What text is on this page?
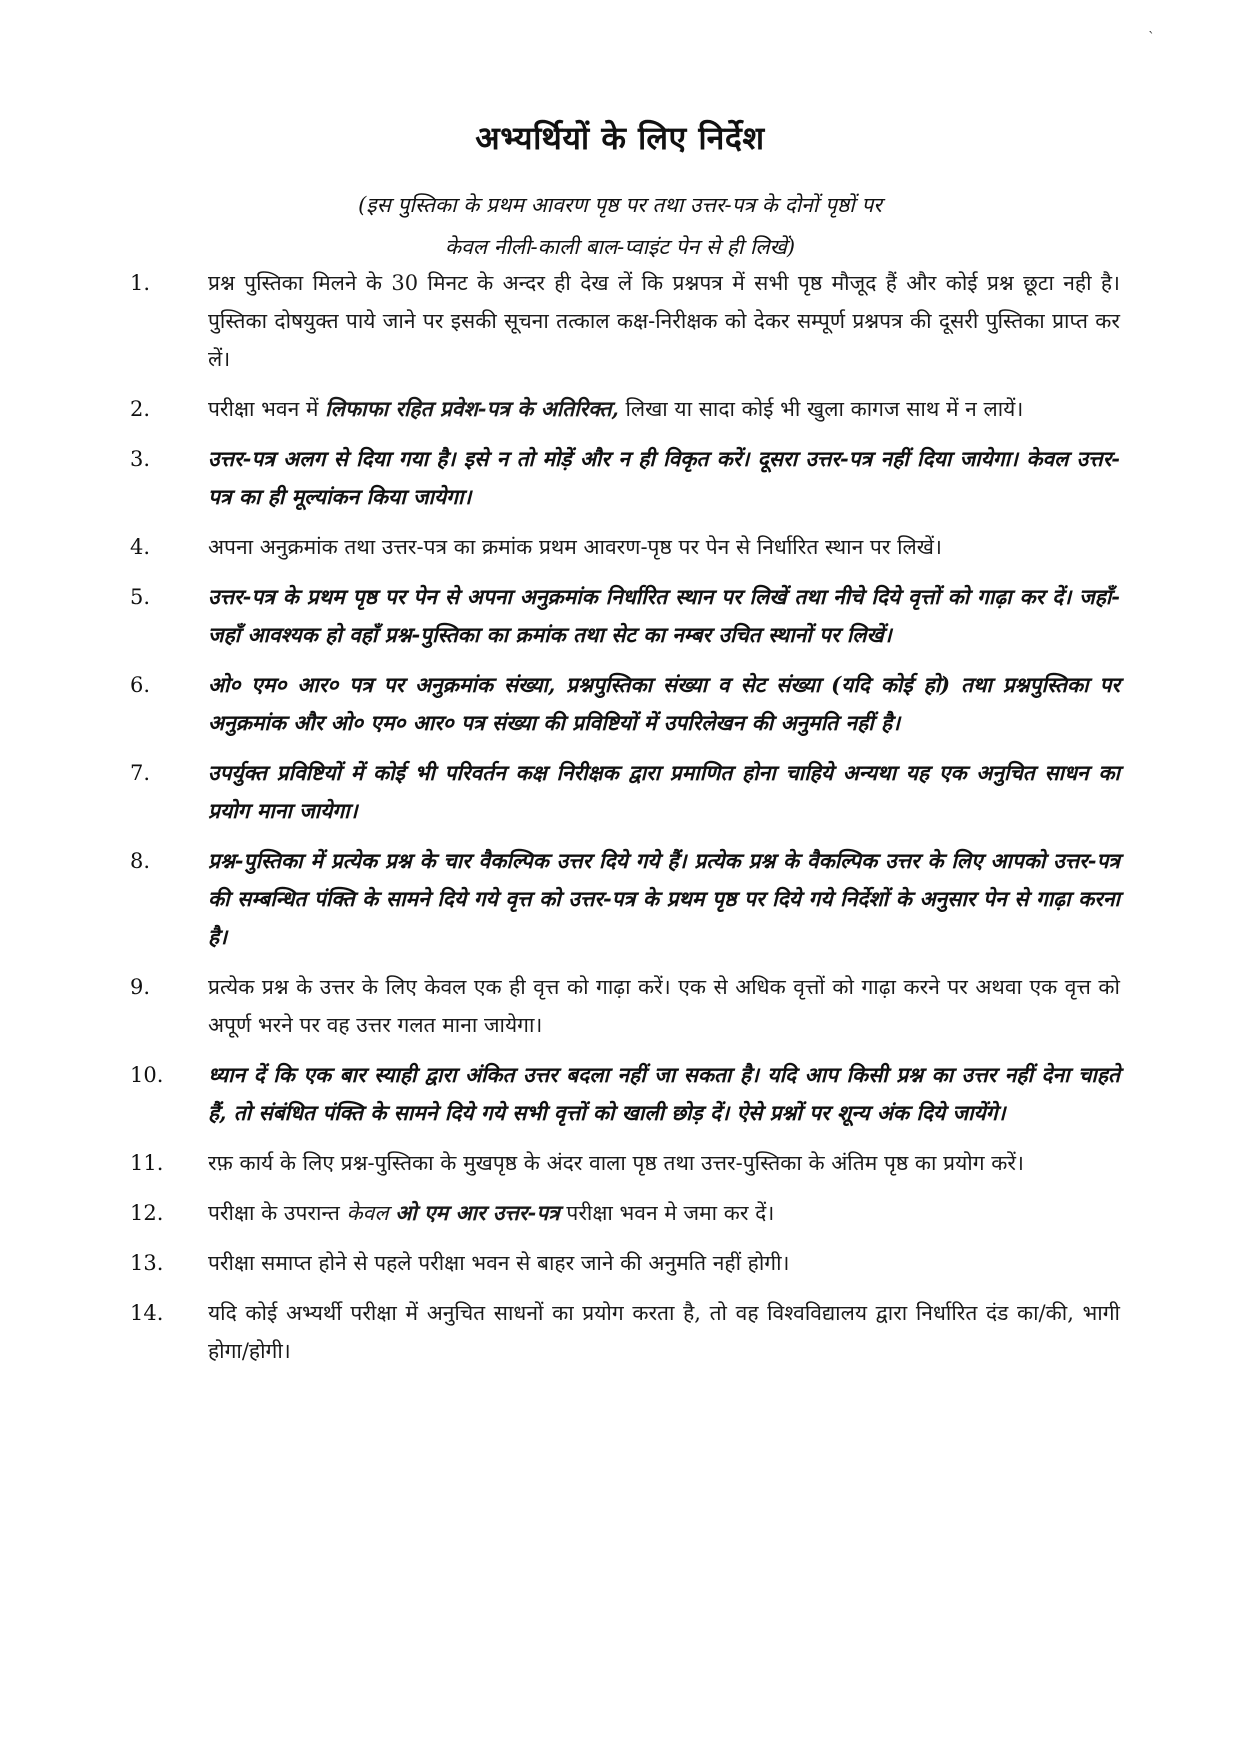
`
अभ्यर्थियों के लिए निर्देश
(इस पुस्तिका के प्रथम आवरण पृष्ठ पर तथा उत्तर-पत्र के दोनों पृष्ठों पर
केवल नीली-काली बाल-प्वाइंट पेन से ही लिखें)
1.	प्रश्न पुस्तिका मिलने के 30 मिनट के अन्दर ही देख लें कि प्रश्नपत्र में सभी पृष्ठ मौजूद हैं और कोई प्रश्न छूटा नही है। पुस्तिका दोषयुक्त पाये जाने पर इसकी सूचना तत्काल कक्ष-निरीक्षक को देकर सम्पूर्ण प्रश्नपत्र की दूसरी पुस्तिका प्राप्त कर लें।
2.	परीक्षा भवन में लिफाफा रहित प्रवेश-पत्र के अतिरिक्त, लिखा या सादा कोई भी खुला कागज साथ में न लायें।
3.	उत्तर-पत्र अलग से दिया गया है। इसे न तो मोड़ें और न ही विकृत करें। दूसरा उत्तर-पत्र नहीं दिया जायेगा। केवल उत्तर-पत्र का ही मूल्यांकन किया जायेगा।
4.	अपना अनुक्रमांक तथा उत्तर-पत्र का क्रमांक प्रथम आवरण-पृष्ठ पर पेन से निर्धारित स्थान पर लिखें।
5.	उत्तर-पत्र के प्रथम पृष्ठ पर पेन से अपना अनुक्रमांक निर्धारित स्थान पर लिखें तथा नीचे दिये वृत्तों को गाढ़ा कर दें। जहाँ-जहाँ आवश्यक हो वहाँ प्रश्न-पुस्तिका का क्रमांक तथा सेट का नम्बर उचित स्थानों पर लिखें।
6.	ओ० एम० आर० पत्र पर अनुक्रमांक संख्या, प्रश्नपुस्तिका संख्या व सेट संख्या (यदि कोई हो) तथा प्रश्नपुस्तिका पर अनुक्रमांक और ओ० एम० आर० पत्र संख्या की प्रविष्टियों में उपरिलेखन की अनुमति नहीं है।
7.	उपर्युक्त प्रविष्टियों में कोई भी परिवर्तन कक्ष निरीक्षक द्वारा प्रमाणित होना चाहिये अन्यथा यह एक अनुचित साधन का प्रयोग माना जायेगा।
8.	प्रश्न-पुस्तिका में प्रत्येक प्रश्न के चार वैकल्पिक उत्तर दिये गये हैं। प्रत्येक प्रश्न के वैकल्पिक उत्तर के लिए आपको उत्तर-पत्र की सम्बन्धित पंक्ति के सामने दिये गये वृत्त को उत्तर-पत्र के प्रथम पृष्ठ पर दिये गये निर्देशों के अनुसार पेन से गाढ़ा करना है।
9.	प्रत्येक प्रश्न के उत्तर के लिए केवल एक ही वृत्त को गाढ़ा करें। एक से अधिक वृत्तों को गाढ़ा करने पर अथवा एक वृत्त को अपूर्ण भरने पर वह उत्तर गलत माना जायेगा।
10.	ध्यान दें कि एक बार स्याही द्वारा अंकित उत्तर बदला नहीं जा सकता है। यदि आप किसी प्रश्न का उत्तर नहीं देना चाहते हैं, तो संबंधित पंक्ति के सामने दिये गये सभी वृत्तों को खाली छोड़ दें। ऐसे प्रश्नों पर शून्य अंक दिये जायेंगे।
11.	रफ़ कार्य के लिए प्रश्न-पुस्तिका के मुखपृष्ठ के अंदर वाला पृष्ठ तथा उत्तर-पुस्तिका के अंतिम पृष्ठ का प्रयोग करें।
12.	परीक्षा के उपरान्त केवल ओ एम आर उत्तर-पत्र परीक्षा भवन मे जमा कर दें।
13.	परीक्षा समाप्त होने से पहले परीक्षा भवन से बाहर जाने की अनुमति नहीं होगी।
14.	यदि कोई अभ्यर्थी परीक्षा में अनुचित साधनों का प्रयोग करता है, तो वह विश्वविद्यालय द्वारा निर्धारित दंड का/की, भागी होगा/होगी।
